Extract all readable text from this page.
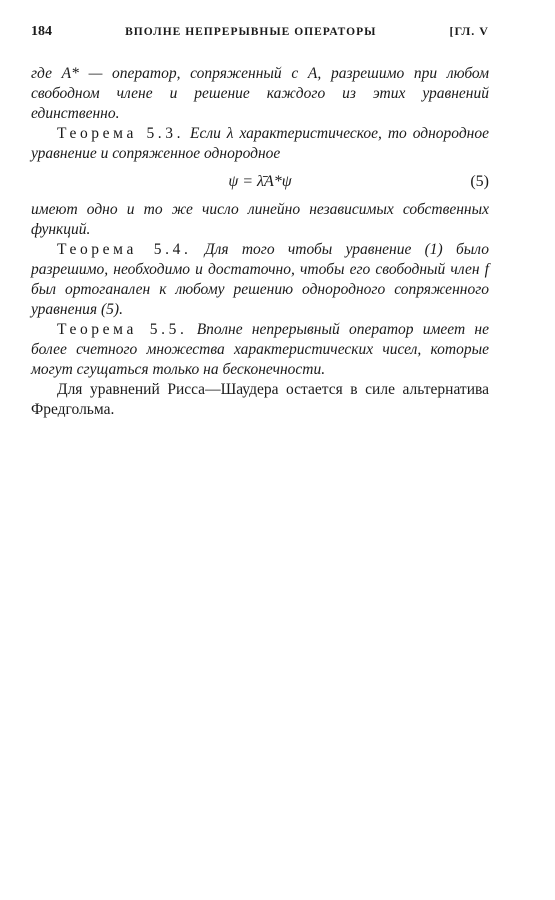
184	ВПОЛНЕ НЕПРЕРЫВНЫЕ ОПЕРАТОРЫ	[ГЛ. V

где A* — оператор, сопряженный с A, разрешимо при любом свободном члене и решение каждого из этих уравнений единственно.

Теорема 5.3. Если λ характеристическое, то однородное уравнение и сопряженное однородное

ψ = λ̄A*ψ	(5)

имеют одно и то же число линейно независимых собственных функций.

Теорема 5.4. Для того чтобы уравнение (1) было разрешимо, необходимо и достаточно, чтобы его свободный член f был ортоганален к любому решению однородного сопряженного уравнения (5).

Теорема 5.5. Вполне непрерывный оператор имеет не более счетного множества характеристических чисел, которые могут сгущаться только на бесконечности.

Для уравнений Рисса—Шаудера остается в силе альтернатива Фредгольма.
